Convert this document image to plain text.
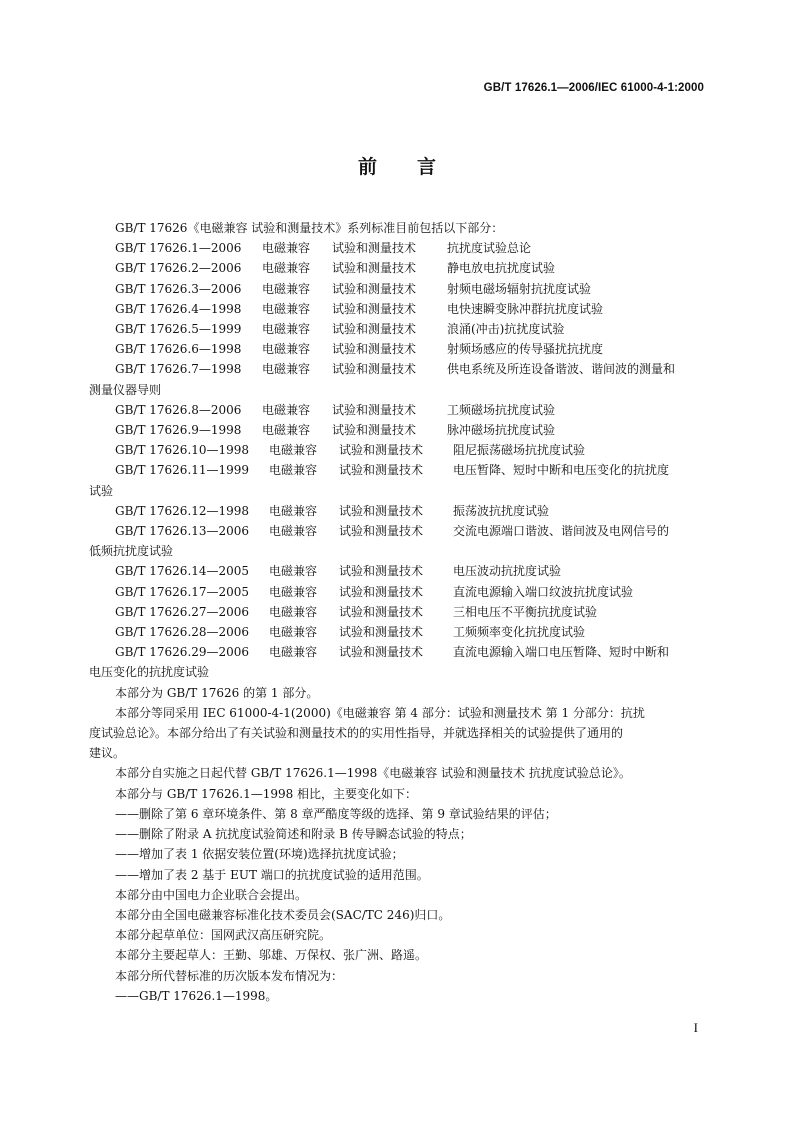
GB/T 17626.1—2006/IEC 61000-4-1:2000
前言
GB/T 17626《电磁兼容 试验和测量技术》系列标准目前包括以下部分：
GB/T 17626.1—2006	电磁兼容	试验和测量技术	抗扰度试验总论
GB/T 17626.2—2006	电磁兼容	试验和测量技术	静电放电抗扰度试验
GB/T 17626.3—2006	电磁兼容	试验和测量技术	射频电磁场辐射抗扰度试验
GB/T 17626.4—1998	电磁兼容	试验和测量技术	电快速瞬变脉冲群抗扰度试验
GB/T 17626.5—1999	电磁兼容	试验和测量技术	浪涌(冲击)抗扰度试验
GB/T 17626.6—1998	电磁兼容	试验和测量技术	射频场感应的传导骚扰抗扰度
GB/T 17626.7—1998	电磁兼容	试验和测量技术	供电系统及所连设备谐波、谐间波的测量和
测量仪器导则
GB/T 17626.8—2006	电磁兼容	试验和测量技术	工频磁场抗扰度试验
GB/T 17626.9—1998	电磁兼容	试验和测量技术	脉冲磁场抗扰度试验
GB/T 17626.10—1998	电磁兼容	试验和测量技术	阻尼振荡磁场抗扰度试验
GB/T 17626.11—1999	电磁兼容	试验和测量技术	电压暂降、短时中断和电压变化的抗扰度
试验
GB/T 17626.12—1998	电磁兼容	试验和测量技术	振荡波抗扰度试验
GB/T 17626.13—2006	电磁兼容	试验和测量技术	交流电源端口谐波、谐间波及电网信号的
低频抗扰度试验
GB/T 17626.14—2005	电磁兼容	试验和测量技术	电压波动抗扰度试验
GB/T 17626.17—2005	电磁兼容	试验和测量技术	直流电源输入端口纹波抗扰度试验
GB/T 17626.27—2006	电磁兼容	试验和测量技术	三相电压不平衡抗扰度试验
GB/T 17626.28—2006	电磁兼容	试验和测量技术	工频频率变化抗扰度试验
GB/T 17626.29—2006	电磁兼容	试验和测量技术	直流电源输入端口电压暂降、短时中断和
电压变化的抗扰度试验
本部分为 GB/T 17626 的第 1 部分。
本部分等同采用 IEC 61000-4-1(2000)《电磁兼容 第 4 部分：试验和测量技术 第 1 分部分：抗扰
度试验总论》。本部分给出了有关试验和测量技术的的实用性指导，并就选择相关的试验提供了通用的
建议。
本部分自实施之日起代替 GB/T 17626.1—1998《电磁兼容 试验和测量技术 抗扰度试验总论》。
本部分与 GB/T 17626.1—1998 相比，主要变化如下：
——删除了第 6 章环境条件、第 8 章严酷度等级的选择、第 9 章试验结果的评估；
——删除了附录 A 抗扰度试验简述和附录 B 传导瞬态试验的特点；
——增加了表 1 依据安装位置(环境)选择抗扰度试验；
——增加了表 2 基于 EUT 端口的抗扰度试验的适用范围。
本部分由中国电力企业联合会提出。
本部分由全国电磁兼容标准化技术委员会(SAC/TC 246)归口。
本部分起草单位：国网武汉高压研究院。
本部分主要起草人：王勤、邬雄、万保权、张广洲、路遥。
本部分所代替标准的历次版本发布情况为：
——GB/T 17626.1—1998。
I
